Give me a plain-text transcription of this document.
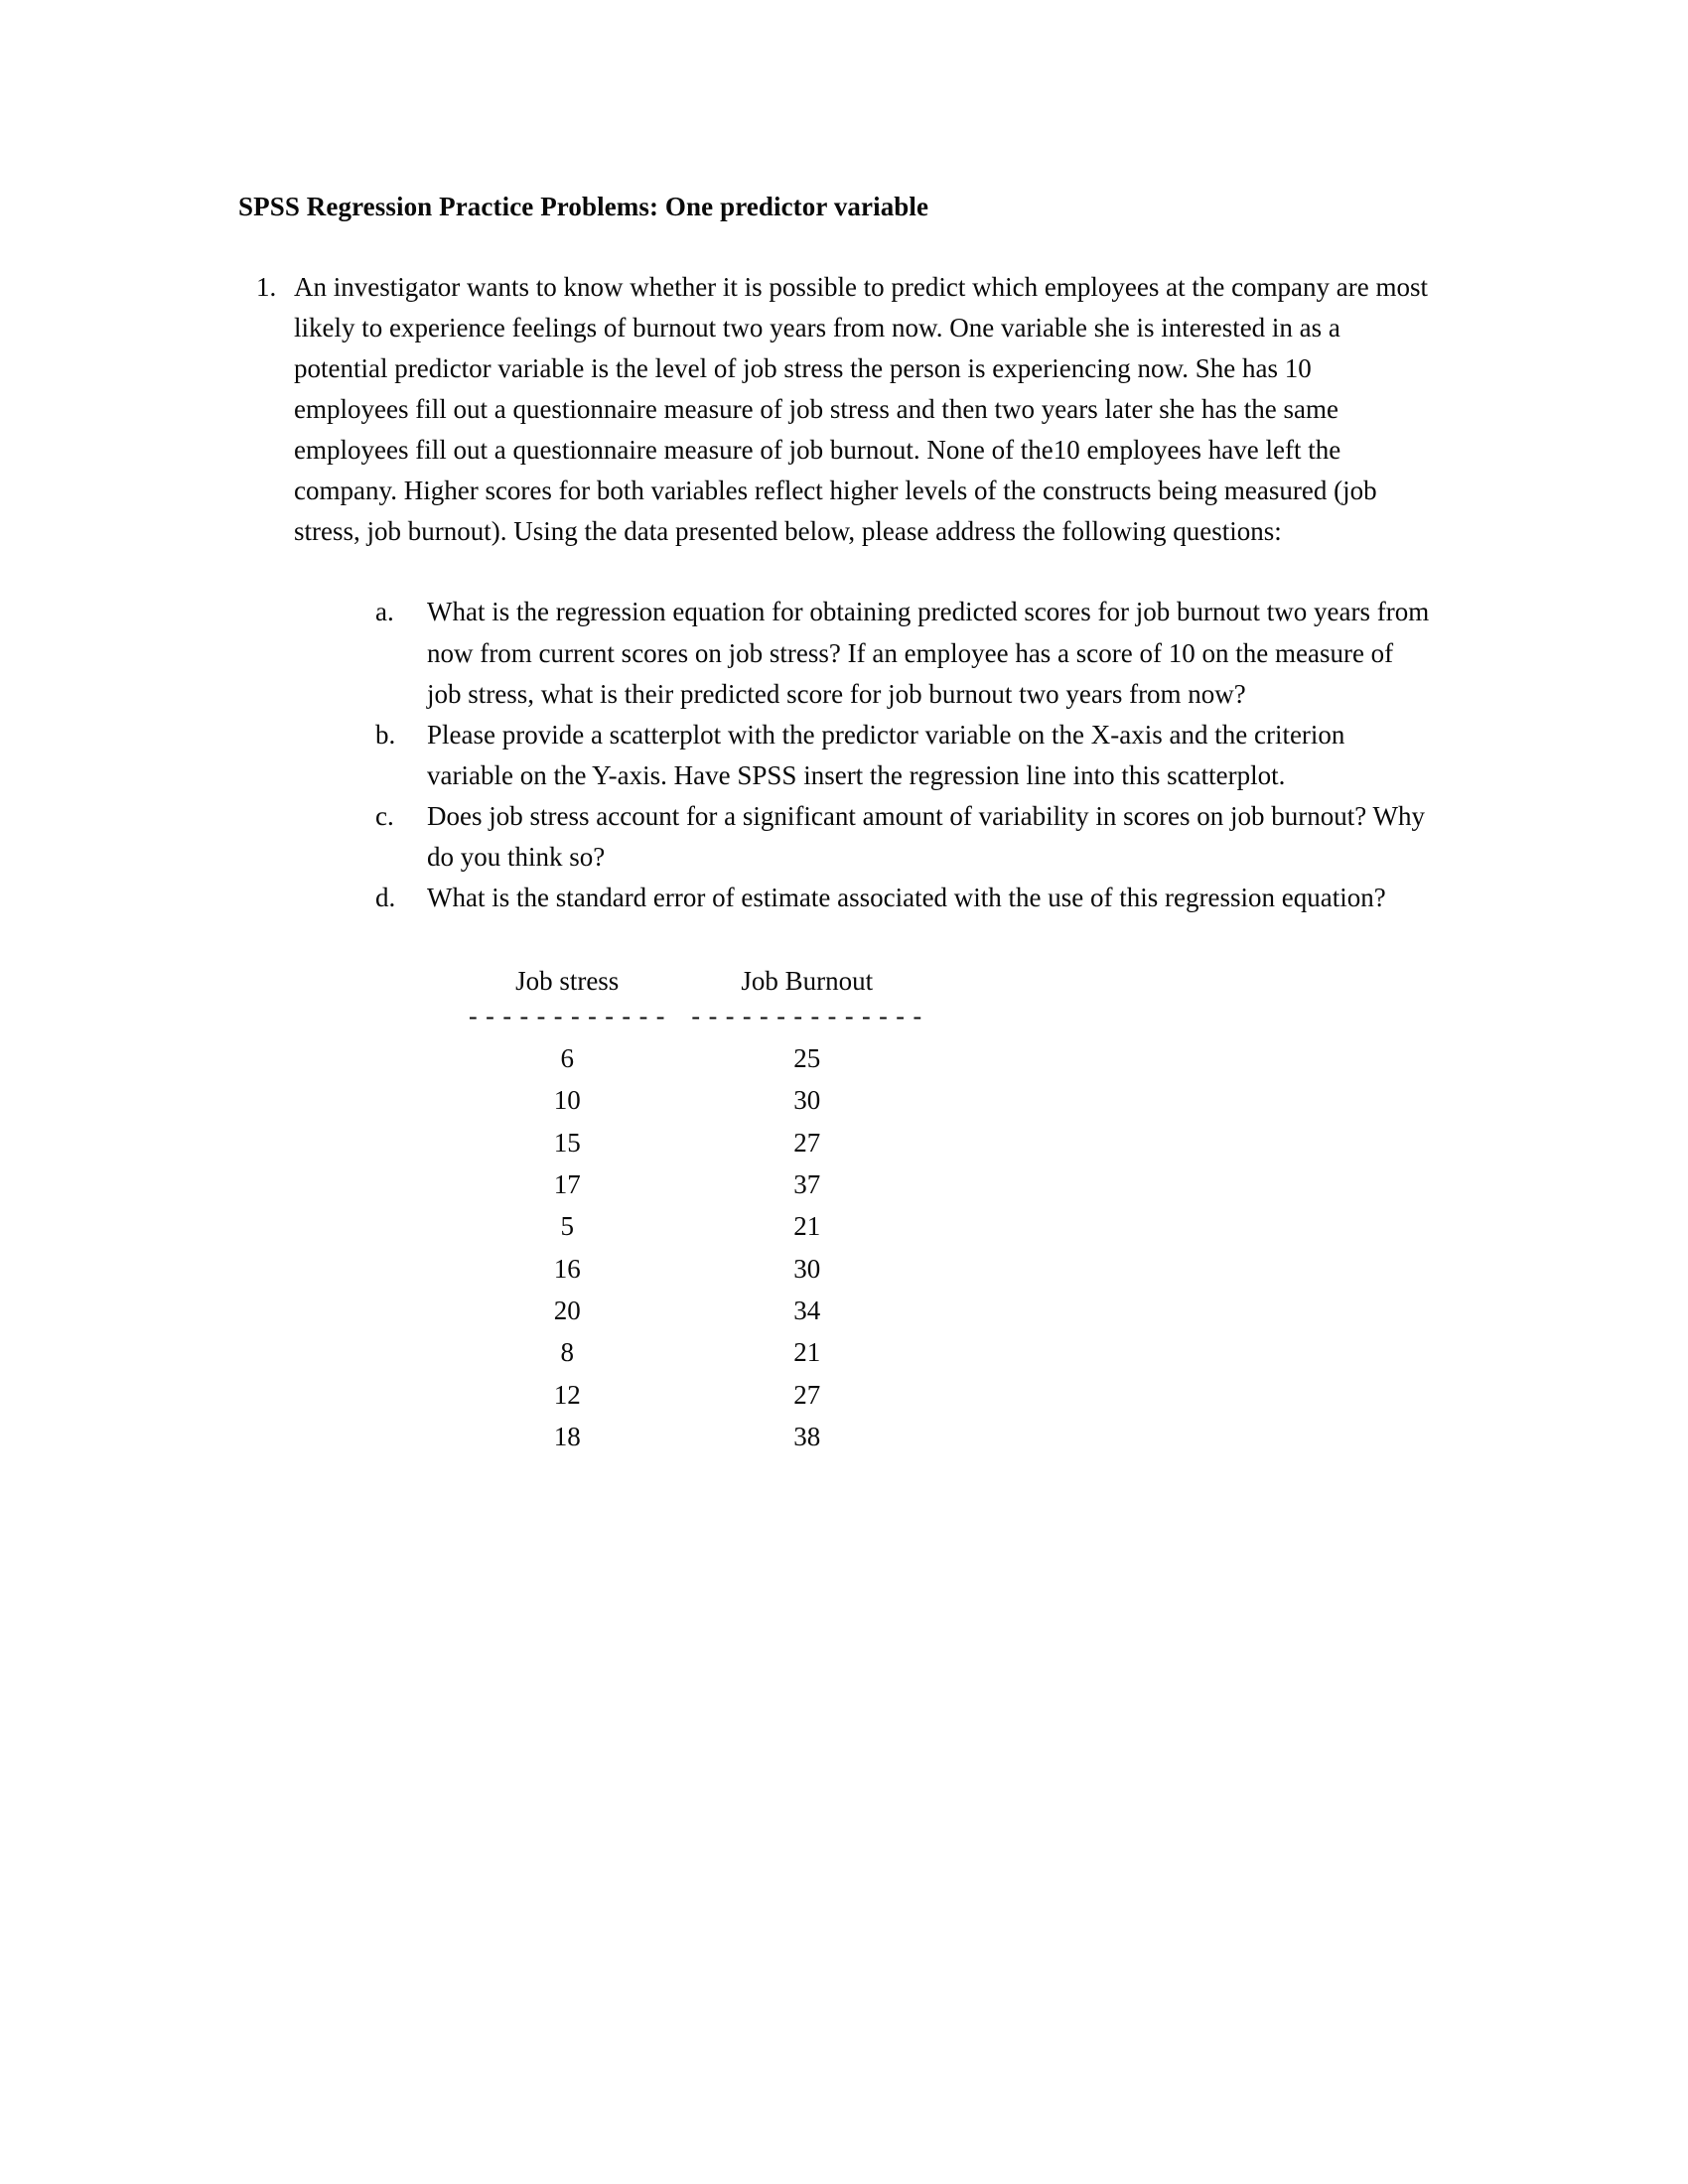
SPSS Regression Practice Problems: One predictor variable
1. An investigator wants to know whether it is possible to predict which employees at the company are most likely to experience feelings of burnout two years from now. One variable she is interested in as a potential predictor variable is the level of job stress the person is experiencing now. She has 10 employees fill out a questionnaire measure of job stress and then two years later she has the same employees fill out a questionnaire measure of job burnout. None of the10 employees have left the company. Higher scores for both variables reflect higher levels of the constructs being measured (job stress, job burnout). Using the data presented below, please address the following questions:

a.	What is the regression equation for obtaining predicted scores for job burnout two years from now from current scores on job stress? If an employee has a score of 10 on the measure of job stress, what is their predicted score for job burnout two years from now?
b.	Please provide a scatterplot with the predictor variable on the X-axis and the criterion variable on the Y-axis. Have SPSS insert the regression line into this scatterplot.
c.	Does job stress account for a significant amount of variability in scores on job burnout? Why do you think so?
d.	What is the standard error of estimate associated with the use of this regression equation?
Job stress	Job Burnout

- - - - - - - - - - - -	- - - - - - - - - - - - - -

6	25
10	30
15	27
17	37
5	21
16	30
20	34
8	21
12	27
18	38
